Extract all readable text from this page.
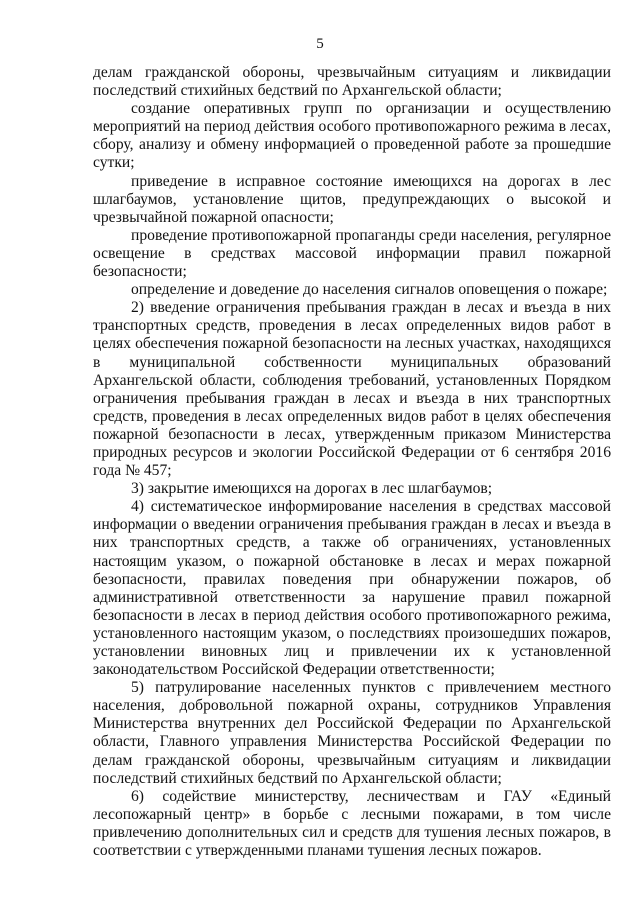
5

делам гражданской обороны, чрезвычайным ситуациям и ликвидации последствий стихийных бедствий по Архангельской области;

создание оперативных групп по организации и осуществлению мероприятий на период действия особого противопожарного режима в лесах, сбору, анализу и обмену информацией о проведенной работе за прошедшие сутки;

приведение в исправное состояние имеющихся на дорогах в лес шлагбаумов, установление щитов, предупреждающих о высокой и чрезвычайной пожарной опасности;

проведение противопожарной пропаганды среди населения, регулярное освещение в средствах массовой информации правил пожарной безопасности;

определение и доведение до населения сигналов оповещения о пожаре;

2) введение ограничения пребывания граждан в лесах и въезда в них транспортных средств, проведения в лесах определенных видов работ в целях обеспечения пожарной безопасности на лесных участках, находящихся в муниципальной собственности муниципальных образований Архангельской области, соблюдения требований, установленных Порядком ограничения пребывания граждан в лесах и въезда в них транспортных средств, проведения в лесах определенных видов работ в целях обеспечения пожарной безопасности в лесах, утвержденным приказом Министерства природных ресурсов и экологии Российской Федерации от 6 сентября 2016 года № 457;

3) закрытие имеющихся на дорогах в лес шлагбаумов;

4) систематическое информирование населения в средствах массовой информации о введении ограничения пребывания граждан в лесах и въезда в них транспортных средств, а также об ограничениях, установленных настоящим указом, о пожарной обстановке в лесах и мерах пожарной безопасности, правилах поведения при обнаружении пожаров, об административной ответственности за нарушение правил пожарной безопасности в лесах в период действия особого противопожарного режима, установленного настоящим указом, о последствиях произошедших пожаров, установлении виновных лиц и привлечении их к установленной законодательством Российской Федерации ответственности;

5) патрулирование населенных пунктов с привлечением местного населения, добровольной пожарной охраны, сотрудников Управления Министерства внутренних дел Российской Федерации по Архангельской области, Главного управления Министерства Российской Федерации по делам гражданской обороны, чрезвычайным ситуациям и ликвидации последствий стихийных бедствий по Архангельской области;

6) содействие министерству, лесничествам и ГАУ «Единый лесопожарный центр» в борьбе с лесными пожарами, в том числе привлечению дополнительных сил и средств для тушения лесных пожаров, в соответствии с утвержденными планами тушения лесных пожаров.
